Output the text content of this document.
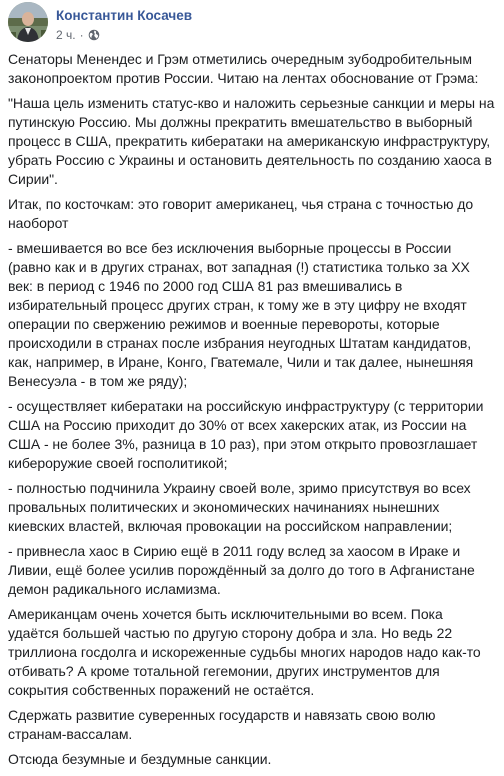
Константин Косачев
2 ч. ·

Сенаторы Менендес и Грэм отметились очередным зубодробительным законопроектом против России. Читаю на лентах обоснование от Грэма:

"Наша цель изменить статус-кво и наложить серьезные санкции и меры на путинскую Россию. Мы должны прекратить вмешательство в выборный процесс в США, прекратить кибератаки на американскую инфраструктуру, убрать Россию с Украины и остановить деятельность по созданию хаоса в Сирии".

Итак, по косточкам: это говорит американец, чья страна с точностью до наоборот

- вмешивается во все без исключения выборные процессы в России (равно как и в других странах, вот западная (!) статистика только за XX век: в период с 1946 по 2000 год США 81 раз вмешивались в избирательный процесс других стран, к тому же в эту цифру не входят операции по свержению режимов и военные перевороты, которые происходили в странах после избрания неугодных Штатам кандидатов, как, например, в Иране, Конго, Гватемале, Чили и так далее, нынешняя Венесуэла - в том же ряду);

- осуществляет кибератаки на российскую инфраструктуру (с территории США на Россию приходит до 30% от всех хакерских атак, из России на США - не более 3%, разница в 10 раз), при этом открыто провозглашает кибероружие своей госполитикой;

- полностью подчинила Украину своей воле, зримо присутствуя во всех провальных политических и экономических начинаниях нынешних киевских властей, включая провокации на российском направлении;

- привнесла хаос в Сирию ещё в 2011 году вслед за хаосом в Ираке и Ливии, ещё более усилив порождённый за долго до того в Афганистане демон радикального исламизма.

Американцам очень хочется быть исключительными во всем. Пока удаётся большей частью по другую сторону добра и зла. Но ведь 22 триллиона госдолга и искореженные судьбы многих народов надо как-то отбивать? А кроме тотальной гегемонии, других инструментов для сокрытия собственных поражений не остаётся.

Сдержать развитие суверенных государств и навязать свою волю странам-вассалам.

Отсюда безумные и бездумные санкции.
